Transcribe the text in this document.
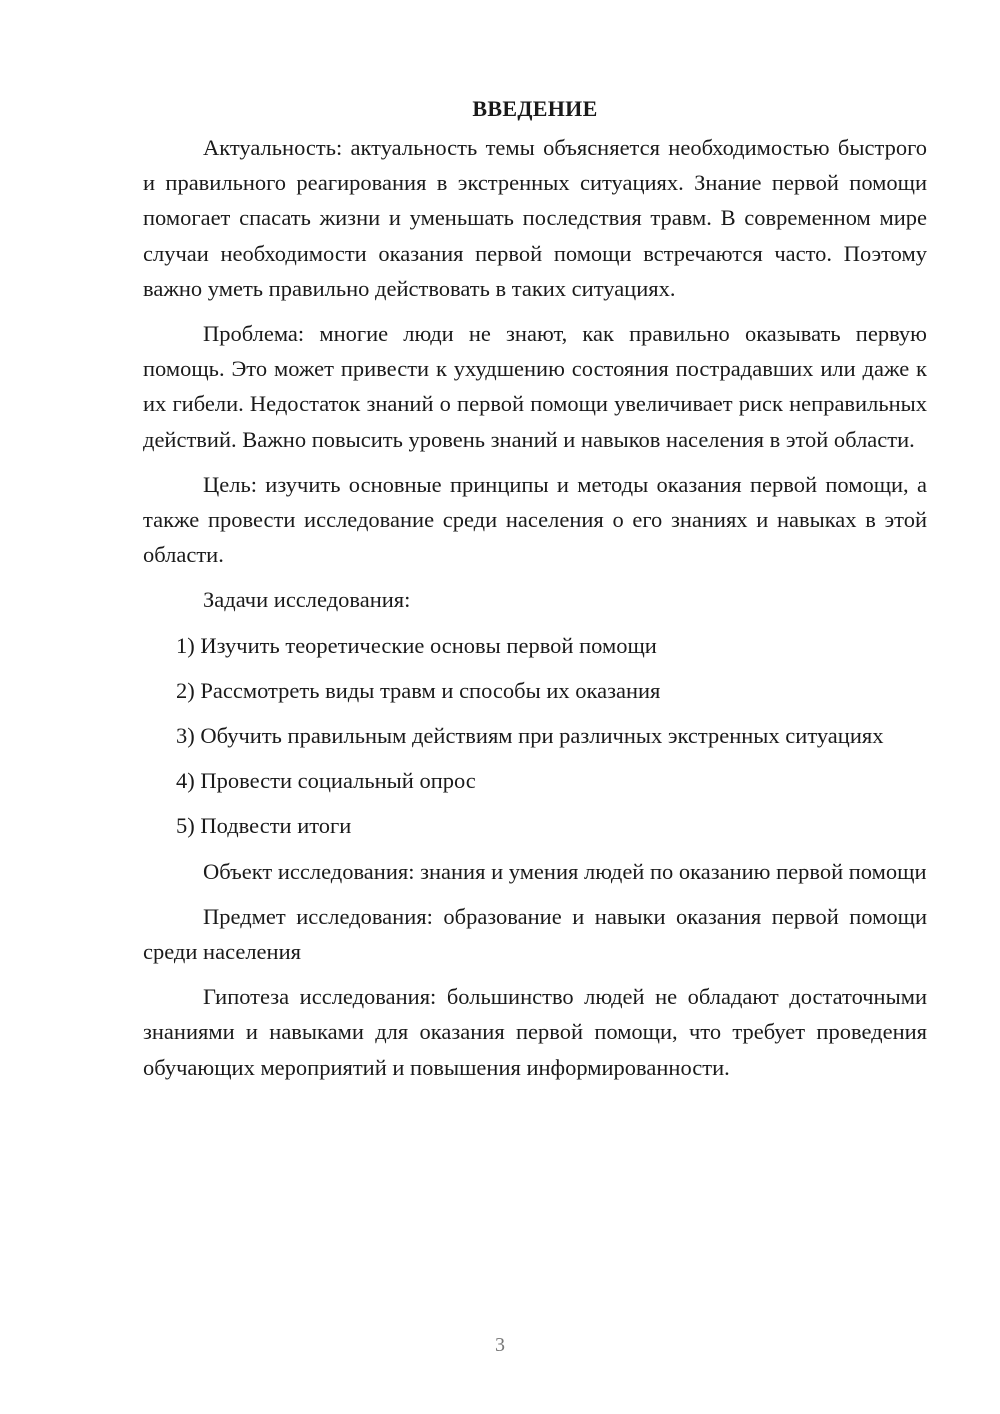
ВВЕДЕНИЕ

Актуальность: актуальность темы объясняется необходимостью быстрого и правильного реагирования в экстренных ситуациях. Знание первой помощи помогает спасать жизни и уменьшать последствия травм. В современном мире случаи необходимости оказания первой помощи встречаются часто. Поэтому важно уметь правильно действовать в таких ситуациях.

Проблема: многие люди не знают, как правильно оказывать первую помощь. Это может привести к ухудшению состояния пострадавших или даже к их гибели. Недостаток знаний о первой помощи увеличивает риск неправильных действий. Важно повысить уровень знаний и навыков населения в этой области.

Цель: изучить основные принципы и методы оказания первой помощи, а также провести исследование среди населения о его знаниях и навыках в этой области.

Задачи исследования:

1) Изучить теоретические основы первой помощи

2) Рассмотреть виды травм и способы их оказания

3) Обучить правильным действиям при различных экстренных ситуациях

4) Провести социальный опрос

5) Подвести итоги

Объект исследования: знания и умения людей по оказанию первой помощи

Предмет исследования: образование и навыки оказания первой помощи среди населения

Гипотеза исследования: большинство людей не обладают достаточными знаниями и навыками для оказания первой помощи, что требует проведения обучающих мероприятий и повышения информированности.

3
